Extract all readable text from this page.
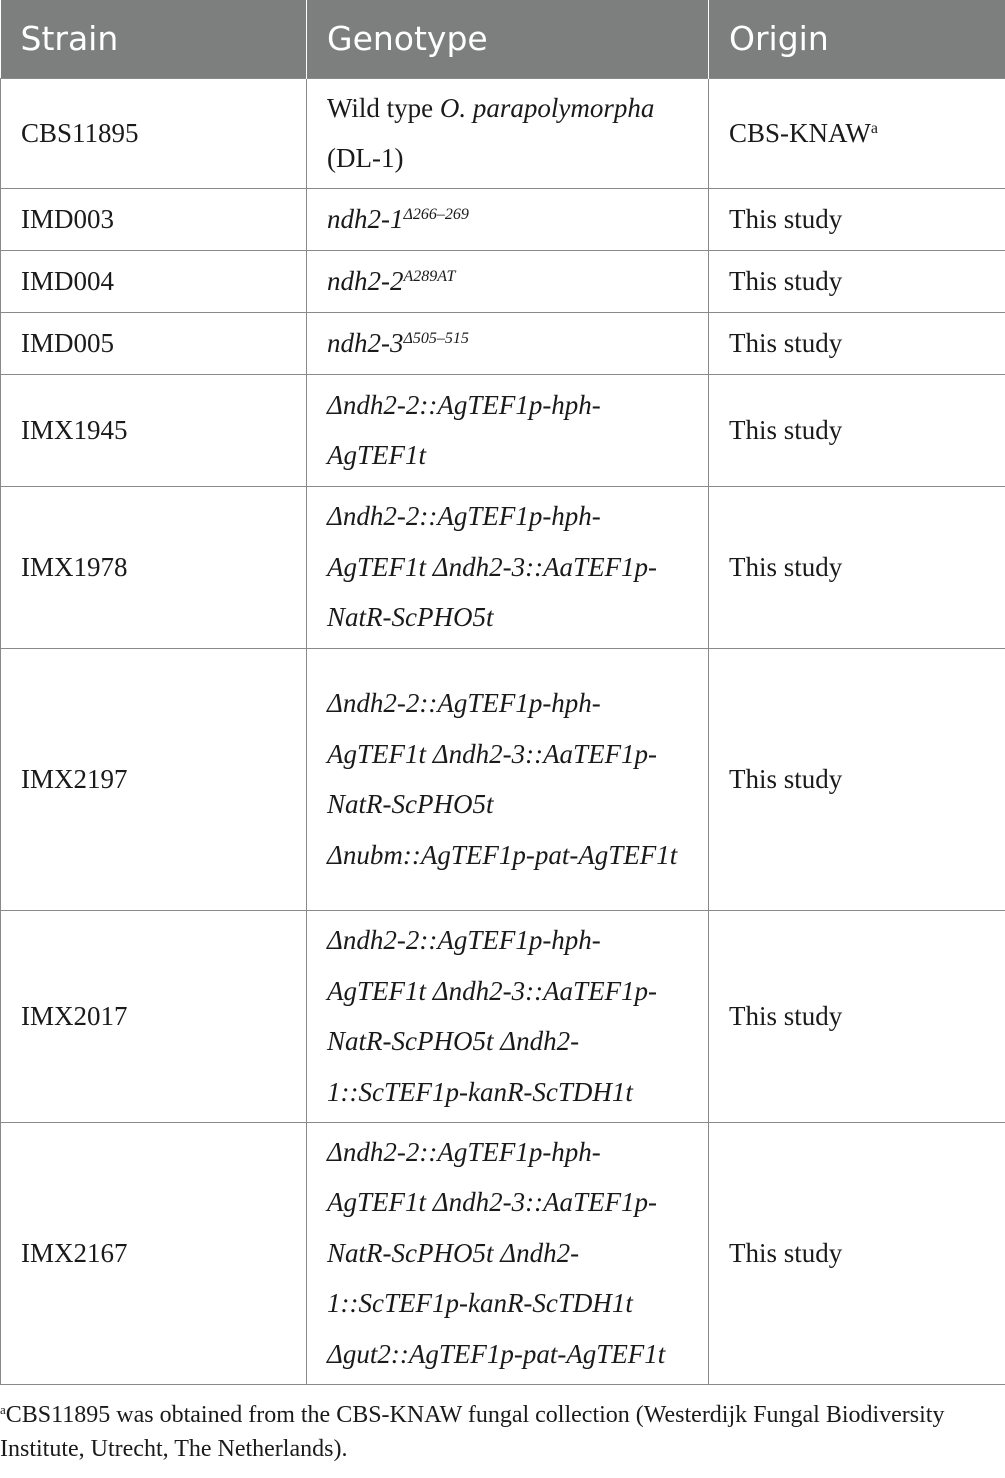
Strain	Genotype	Origin
CBS11895	Wild type O. parapolymorpha (DL-1)	CBS-KNAW$^a$
IMD003	$ndh2-1^{\Delta 266-269}$	This study
IMD004	$ndh2-2^{A289AT}$	This study
IMD005	$ndh2-3^{\Delta 505-515}$	This study
IMX1945	Δndh2-2::AgTEF1p-hph-AgTEF1t	This study
IMX1978	Δndh2-2::AgTEF1p-hph-AgTEF1t Δndh2-3::AaTEF1p-NatR-ScPHO5t	This study
IMX2197	Δndh2-2::AgTEF1p-hph-AgTEF1t Δndh2-3::AaTEF1p-NatR-ScPHO5t Δnubm::AgTEF1p-pat-AgTEF1t	This study
IMX2017	Δndh2-2::AgTEF1p-hph-AgTEF1t Δndh2-3::AaTEF1p-NatR-ScPHO5t Δndh2-1::ScTEF1p-kanR-ScTDH1t	This study
IMX2167	Δndh2-2::AgTEF1p-hph-AgTEF1t Δndh2-3::AaTEF1p-NatR-ScPHO5t Δndh2-1::ScTEF1p-kanR-ScTDH1t Δgut2::AgTEF1p-pat-AgTEF1t	This study
$^a$CBS11895 was obtained from the CBS-KNAW fungal collection (Westerdijk Fungal Biodiversity Institute, Utrecht, The Netherlands).
